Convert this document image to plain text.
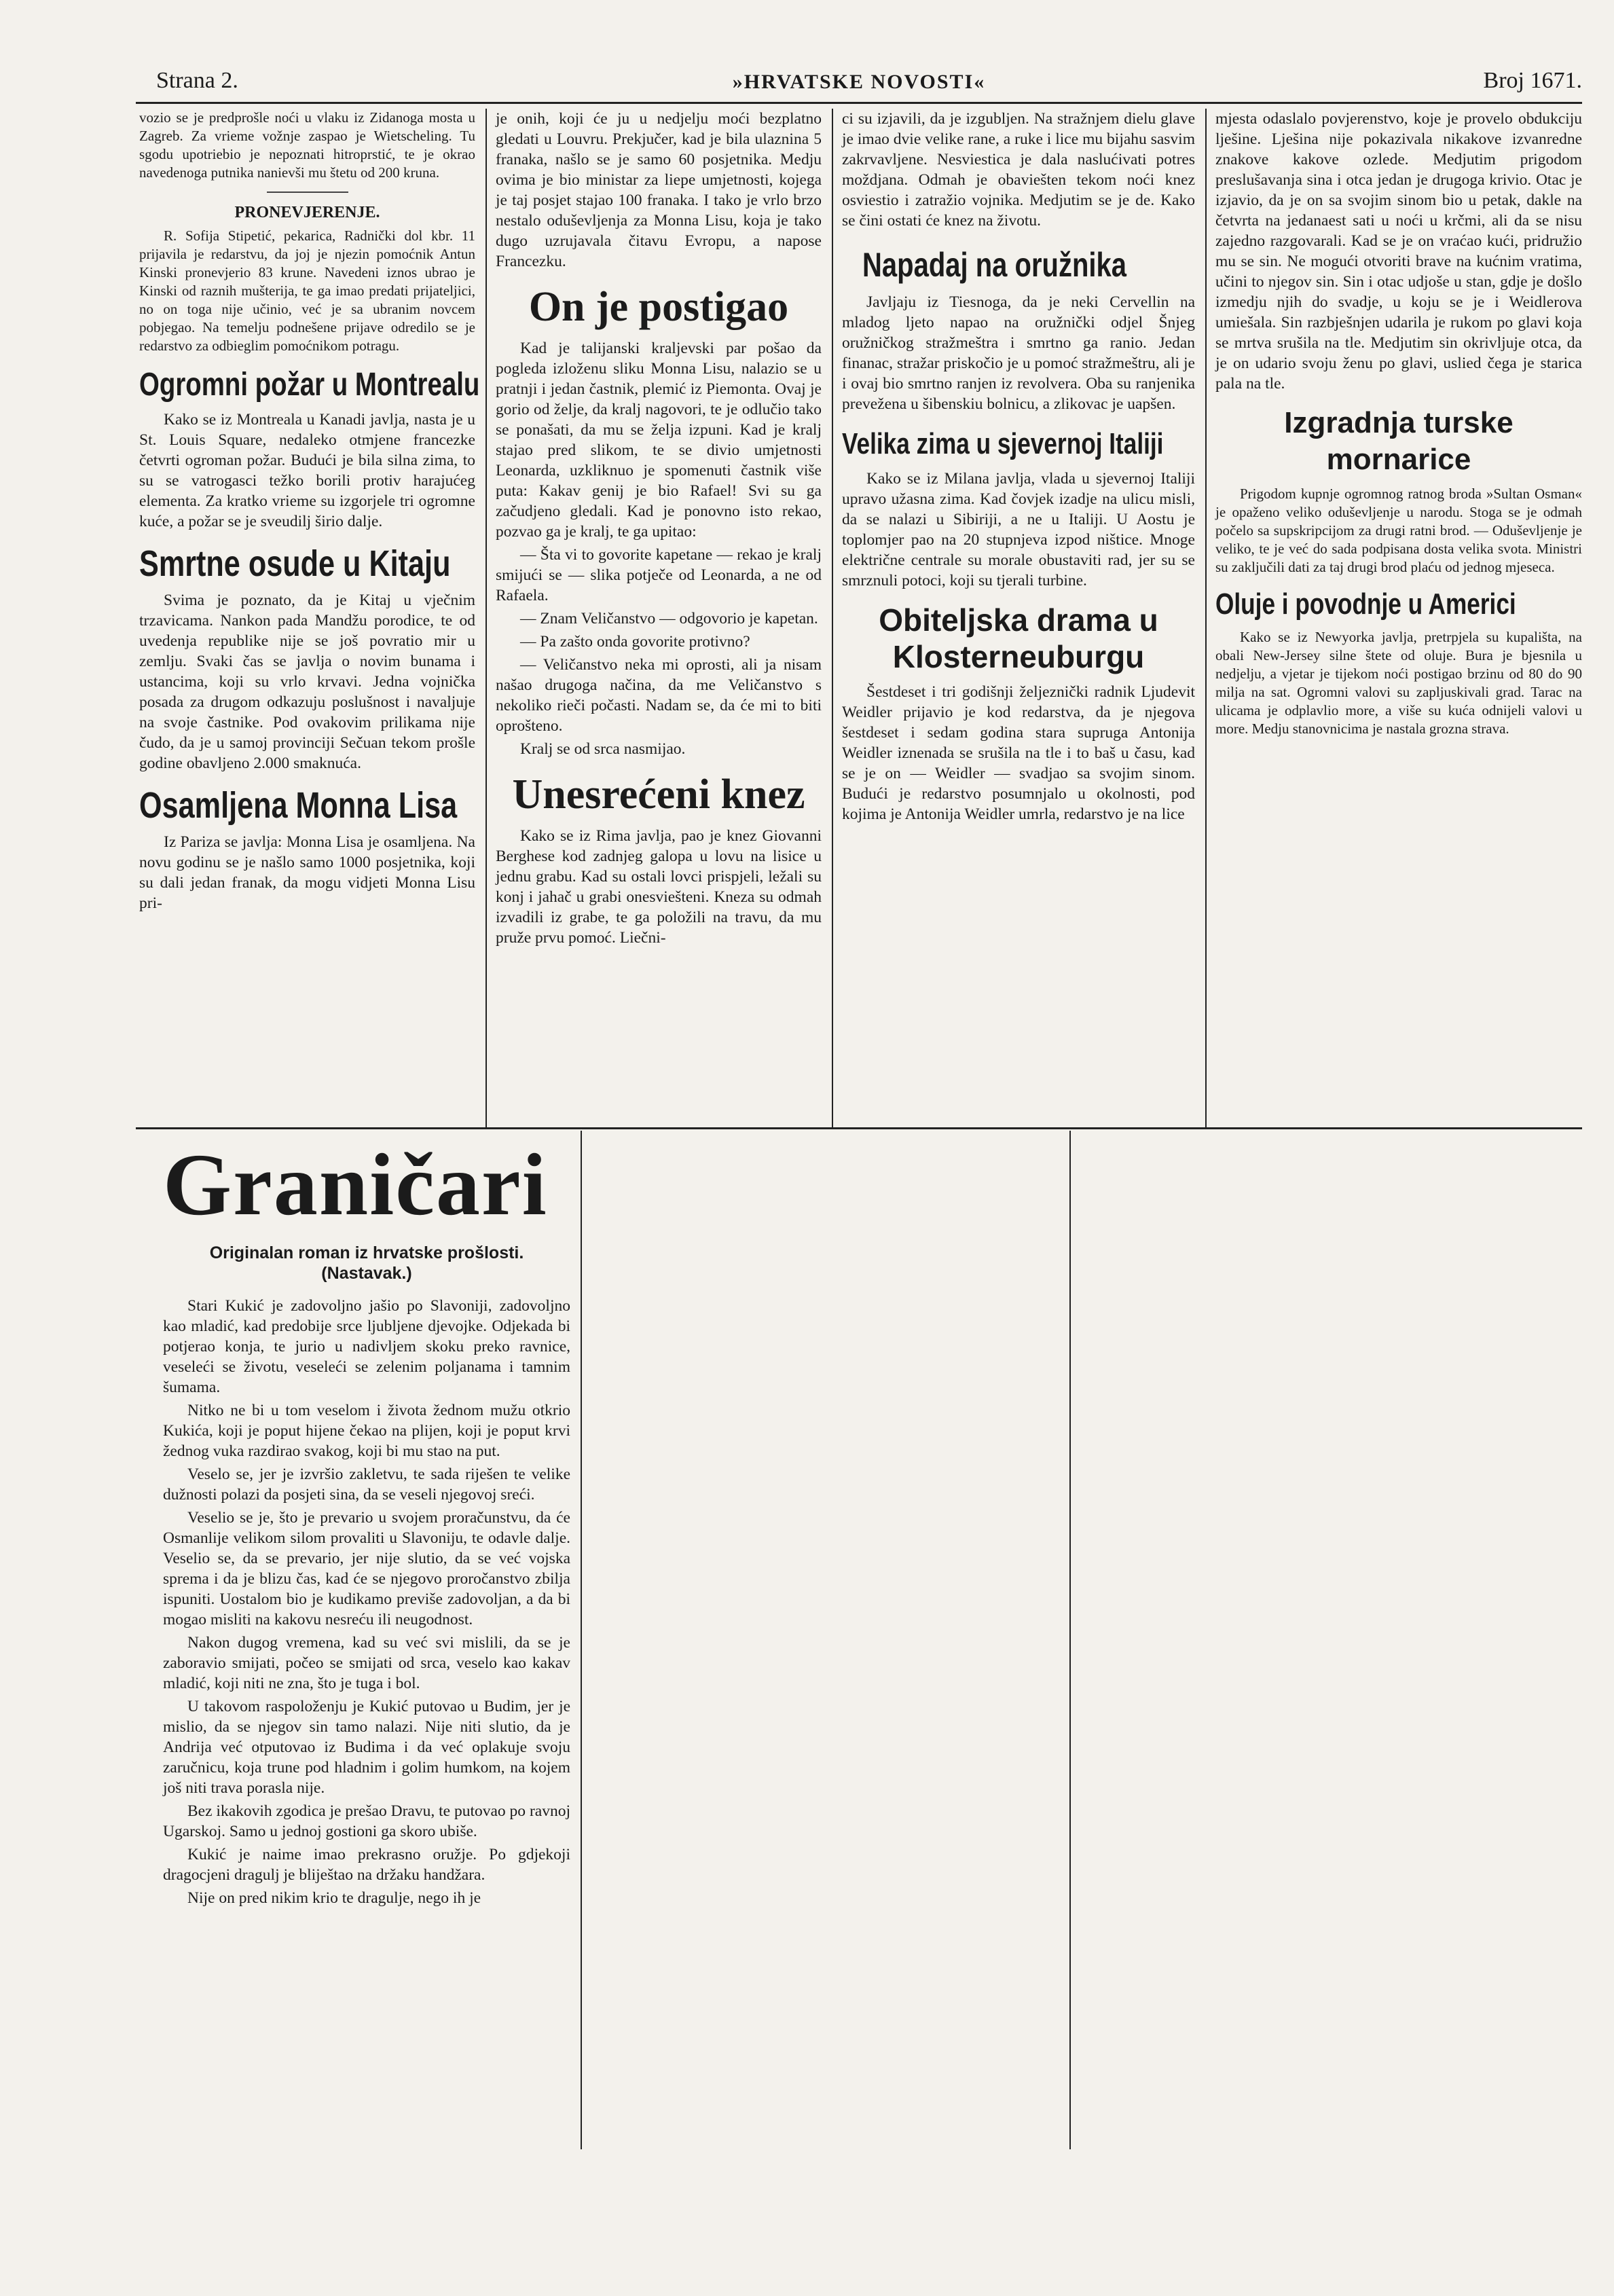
Strana 2.	»HRVATSKE NOVOSTI«	Broj 1671.

vozio se je predprošle noći u vlaku iz Zidanoga mosta u Zagreb. Za vrieme vožnje zaspao je Wietscheling. Tu sgodu upotriebio je nepoznati hitroprstić, te je okrao navedenoga putnika nanievši mu štetu od 200 kruna.

PRONEVJERENJE.

R. Sofija Stipetić, pekarica, Radnički dol kbr. 11 prijavila je redarstvu, da joj je njezin pomoćnik Antun Kinski pronevjerio 83 krune. Navedeni iznos ubrao je Kinski od raznih mušterija, te ga imao predati prijateljici, no on toga nije učinio, već je sa ubranim novcem pobjegao. Na temelju podnešene prijave odredilo se je redarstvo za odbieglim pomoćnikom potragu.

Ogromni požar u Montrealu

Kako se iz Montreala u Kanadi javlja, nasta je u St. Louis Square, nedaleko otmjene francezke četvrti ogroman požar. Budući je bila silna zima, to su se vatrogasci težko borili protiv harajućeg elementa. Za kratko vrieme su izgorjele tri ogromne kuće, a požar se je sveudilj širio dalje.

Smrtne osude u Kitaju

Svima je poznato, da je Kitaj u vječnim trzavicama. Nankon pada Mandžu porodice, te od uvedenja republike nije se još povratio mir u zemlju. Svaki čas se javlja o novim bunama i ustancima, koji su vrlo krvavi. Jedna vojnička posada za drugom odkazuju poslušnost i navaljuje na svoje častnike. Pod ovakovim prilikama nije čudo, da je u samoj provinciji Sečuan tekom prošle godine obavljeno 2.000 smaknuća.

Osamljena Monna Lisa

Iz Pariza se javlja: Monna Lisa je osamljena. Na novu godinu se je našlo samo 1000 posjetnika, koji su dali jedan franak, da mogu vidjeti Monna Lisu pri-

je onih, koji će ju u nedjelju moći bezplatno gledati u Louvru. Prekjučer, kad je bila ulaznina 5 franaka, našlo se je samo 60 posjetnika. Medju ovima je bio ministar za liepe umjetnosti, kojega je taj posjet stajao 100 franaka. I tako je vrlo brzo nestalo oduševljenja za Monna Lisu, koja je tako dugo uzrujavala čitavu Evropu, a napose Francezku.

On je postigao

Kad je talijanski kraljevski par pošao da pogleda izloženu sliku Monna Lisu, nalazio se u pratnji i jedan častnik, plemić iz Piemonta. Ovaj je gorio od želje, da kralj nagovori, te je odlučio tako se ponašati, da mu se želja izpuni. Kad je kralj stajao pred slikom, te se divio umjetnosti Leonarda, uzkliknuo je spomenuti častnik više puta: Kakav genij je bio Rafael! Svi su ga začudjeno gledali. Kad je ponovno isto rekao, pozvao ga je kralj, te ga upitao:

— Šta vi to govorite kapetane — rekao je kralj smijući se — slika potječe od Leonarda, a ne od Rafaela.

— Znam Veličanstvo — odgovorio je kapetan.

— Pa zašto onda govorite protivno?

— Veličanstvo neka mi oprosti, ali ja nisam našao drugoga načina, da me Veličanstvo s nekoliko rieči počasti. Nadam se, da će mi to biti oprošteno.

Kralj se od srca nasmijao.

Unesrećeni knez

Kako se iz Rima javlja, pao je knez Giovanni Berghese kod zadnjeg galopa u lovu na lisice u jednu grabu. Kad su ostali lovci prispjeli, ležali su konj i jahač u grabi onesviešteni. Kneza su odmah izvadili iz grabe, te ga položili na travu, da mu pruže prvu pomoć. Liečni-

ci su izjavili, da je izgubljen. Na stražnjem dielu glave je imao dvie velike rane, a ruke i lice mu bijahu sasvim zakrvavljene. Nesviestica je dala naslućivati potres moždjana. Odmah je obaviešten tekom noći knez osviestio i zatražio vojnika. Medjutim se je de. Kako se čini ostati će knez na životu.

Napadaj na oružnika

Javljaju iz Tiesnoga, da je neki Cervellin na mladog ljeto napao na oružnički odjel Šnjeg oružničkog stražmeštra i smrtno ga ranio. Jedan finanac, stražar priskočio je u pomoć stražmeštru, ali je i ovaj bio smrtno ranjen iz revolvera. Oba su ranjenika prevežena u šibenskiu bolnicu, a zlikovac je uapšen.

Velika zima u sjevernoj Italiji

Kako se iz Milana javlja, vlada u sjevernoj Italiji upravo užasna zima. Kad čovjek izadje na ulicu misli, da se nalazi u Sibiriji, a ne u Italiji. U Aostu je toplomjer pao na 20 stupnjeva izpod ništice. Mnoge električne centrale su morale obustaviti rad, jer su se smrznuli potoci, koji su tjerali turbine.

Obiteljska drama u Klosterneuburgu

Šestdeset i tri godišnji željeznički radnik Ljudevit Weidler prijavio je kod redarstva, da je njegova šestdeset i sedam godina stara supruga Antonija Weidler iznenada se srušila na tle i to baš u času, kad se je on — Weidler — svadjao sa svojim sinom. Budući je redarstvo posumnjalo u okolnosti, pod kojima je Antonija Weidler umrla, redarstvo je na lice

mjesta odaslalo povjerenstvo, koje je provelo obdukciju lješine. Lješina nije pokazivala nikakove izvanredne znakove kakove ozlede. Medjutim prigodom preslušavanja sina i otca jedan je drugoga krivio. Otac je izjavio, da je on sa svojim sinom bio u petak, dakle na četvrta na jedanaest sati u noći u krčmi, ali da se nisu zajedno razgovarali. Kad se je on vraćao kući, pridružio mu se sin. Ne mogući otvoriti brave na kućnim vratima, učini to njegov sin. Sin i otac udjoše u stan, gdje je došlo izmedju njih do svadje, u koju se je i Weidlerova umiešala. Sin razbješnjen udarila je rukom po glavi koja se mrtva srušila na tle. Medjutim sin okrivljuje otca, da je on udario svoju ženu po glavi, uslied čega je starica pala na tle.

Izgradnja turske mornarice

Prigodom kupnje ogromnog ratnog broda »Sultan Osman« je opaženo veliko oduševljenje u narodu. Stoga se je odmah počelo sa supskripcijom za drugi ratni brod. — Oduševljenje je veliko, te je već do sada podpisana dosta velika svota. Ministri su zaključili dati za taj drugi brod plaću od jednog mjeseca.

Oluje i povodnje u Americi

Kako se iz Newyorka javlja, pretrpjela su kupališta, na obali New-Jersey silne štete od oluje. Bura je bjesnila u nedjelju, a vjetar je tijekom noći postigao brzinu od 80 do 90 milja na sat. Ogromni valovi su zapljuskivali grad. Tarac na ulicama je odplavlio more, a više su kuća odnijeli valovi u more. Medju stanovnicima je nastala grozna strava.

Graničari
Originalan roman iz hrvatske prošlosti.
(Nastavak.)

Stari Kukić je zadovoljno jašio po Slavoniji, zadovoljno kao mladić, kad predobije srce ljubljene djevojke. Odjekada bi potjerao konja, te jurio u nadivljem skoku preko ravnice, veseleći se životu, veseleći se zelenim poljanama i tamnim šumama.

Nitko ne bi u tom veselom i života žednom mužu otkrio Kukića, koji je poput hijene čekao na plijen, koji je poput krvi žednog vuka razdirao svakog, koji bi mu stao na put.

Veselo se, jer je izvršio zakletvu, te sada riješen te velike dužnosti polazi da posjeti sina, da se veseli njegovoj sreći.

Veselio se je, što je prevario u svojem proračunstvu, da će Osmanlije velikom silom provaliti u Slavoniju, te odavle dalje. Veselio se, da se prevario, jer nije slutio, da se već vojska sprema i da je blizu čas, kad će se njegovo proročanstvo zbilja ispuniti. Uostalom bio je kudikamo previše zadovoljan, a da bi mogao misliti na kakovu nesreću ili neugodnost.

Nakon dugog vremena, kad su već svi mislili, da se je zaboravio smijati, počeo se smijati od srca, veselo kao kakav mladić, koji niti ne zna, što je tuga i bol.

U takovom raspoloženju je Kukić putovao u Budim, jer je mislio, da se njegov sin tamo nalazi. Nije niti slutio, da je Andrija već otputovao iz Budima i da već oplakuje svoju zaručnicu, koja trune pod hladnim i golim humkom, na kojem još niti trava porasla nije.

Bez ikakovih zgodica je prešao Dravu, te putovao po ravnoj Ugarskoj. Samo u jednoj gostioni ga skoro ubiše.

Kukić je naime imao prekrasno oružje. Po gdjekoji dragocjeni dragulj je bliještao na držaku handžara.

Nije on pred nikim krio te dragulje, nego ih je
